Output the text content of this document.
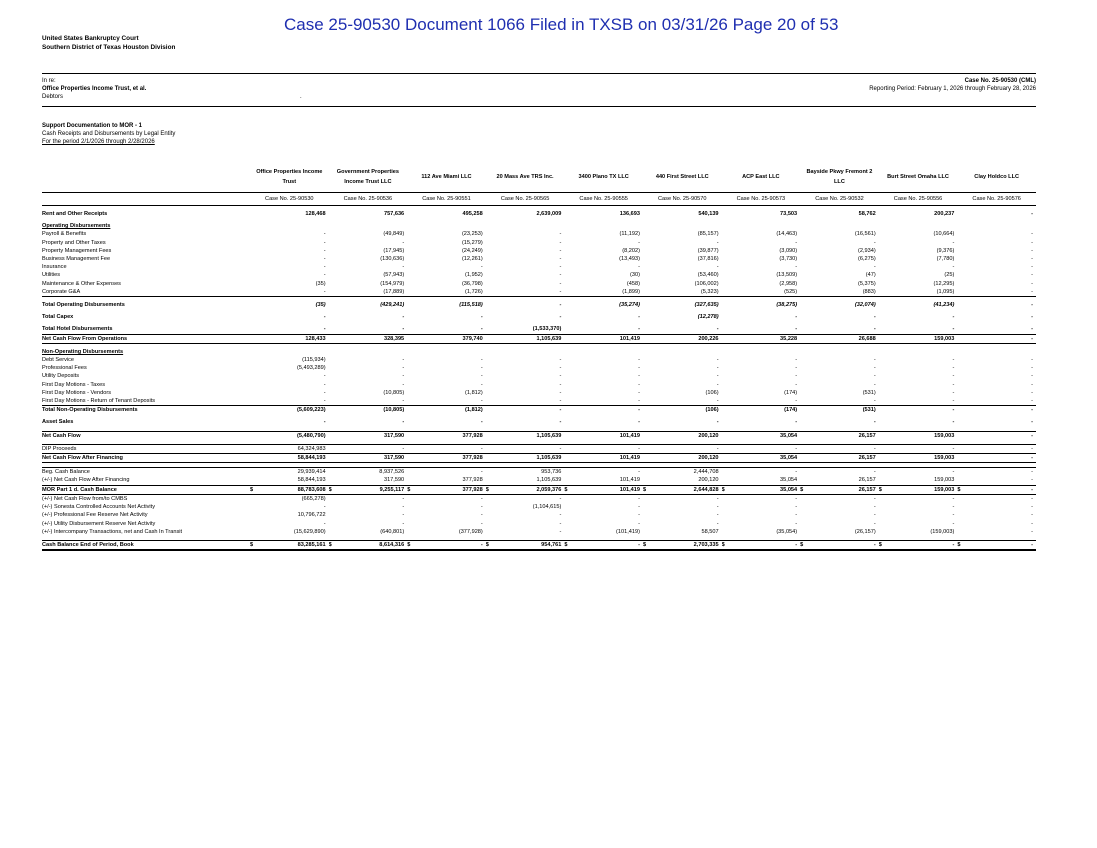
Case 25-90530 Document 1066 Filed in TXSB on 03/31/26 Page 20 of 53
United States Bankruptcy Court
Southern District of Texas Houston Division
In re:
Office Properties Income Trust, et al.
Debtors	.
Case No. 25-90530 (CML)
Reporting Period: February 1, 2026 through February 28, 2026
Support Documentation to MOR - 1
Cash Receipts and Disbursements by Legal Entity
For the period 2/1/2026 through 2/28/2026
	Office Properties Income Trust	Government Properties Income Trust LLC	112 Ave Miami LLC	20 Mass Ave TRS Inc.	3400 Plano TX LLC	440 First Street LLC	ACP East LLC	Bayside Pkwy Fremont 2 LLC	Burt Street Omaha LLC	Clay Holdco LLC
	Case No. 25-90530	Case No. 25-90536	Case No. 25-90551	Case No. 25-90565	Case No. 25-90555	Case No. 25-90570	Case No. 25-90573	Case No. 25-90532	Case No. 25-90556	Case No. 25-90576

Rent and Other Receipts	128,468	757,636	495,258	2,639,009	136,693	540,139	73,503	58,762	200,237	-

Operating Disbursements										
Payroll & Benefits	-	(49,849)	(23,253)	-	(11,192)	(85,157)	(14,463)	(16,561)	(10,664)	-
Property and Other Taxes	-	-	(15,279)	-	-	-	-	-	-	-
Property Management Fees	-	(17,945)	(24,249)	-	(8,202)	(39,877)	(3,090)	(2,934)	(9,376)	-
Business Management Fee	-	(130,636)	(12,261)	-	(13,493)	(37,816)	(3,730)	(6,275)	(7,780)	-
Insurance	-	-	-	-	-	-	-	-	-	-
Utilities	-	(57,943)	(1,952)	-	(30)	(53,460)	(13,509)	(47)	(25)	-
Maintenance & Other Expenses	(35)	(154,979)	(36,798)	-	(458)	(106,002)	(2,958)	(5,375)	(12,295)	-
Corporate G&A	-	(17,889)	(1,726)	-	(1,899)	(5,323)	(525)	(883)	(1,095)	-

Total Operating Disbursements	(35)	(429,241)	(115,518)	-	(35,274)	(327,635)	(38,275)	(32,074)	(41,234)	-

Total Capex	-	-	-	-	-	(12,278)	-	-	-	-

Total Hotel Disbursements	-	-	-	(1,533,370)	-	-	-	-	-	-
Net Cash Flow From Operations	128,433	328,395	379,740	1,105,639	101,419	200,226	35,228	26,688	159,003	-

Non-Operating Disbursements										
Debt Service	(115,934)	-	-	-	-	-	-	-	-	-
Professional Fees	(5,493,289)	-	-	-	-	-	-	-	-	-
Utility Deposits	-	-	-	-	-	-	-	-	-	-
First Day Motions - Taxes	-	-	-	-	-	-	-	-	-	-
First Day Motions - Vendors	-	(10,805)	(1,812)	-	-	(106)	(174)	(531)	-	-
First Day Motions - Return of Tenant Deposits	-	-	-	-	-	-	-	-	-	-
Total Non-Operating Disbursements	(5,609,223)	(10,805)	(1,812)	-	-	(106)	(174)	(531)	-	-

Asset Sales	-	-	-	-	-	-	-	-	-	-

Net Cash Flow	(5,480,790)	317,590	377,928	1,105,639	101,419	200,120	35,054	26,157	159,003	-

DIP Proceeds	64,324,983	-	-	-	-	-	-	-	-	-
Net Cash Flow After Financing	58,844,193	317,590	377,928	1,105,639	101,419	200,120	35,054	26,157	159,003	-

Beg. Cash Balance	29,939,414	8,937,526	-	953,736	-	2,444,708	-	-	-	-
(+/-) Net Cash Flow After Financing	58,844,193	317,590	377,928	1,105,639	101,419	200,120	35,054	26,157	159,003	-
MOR Part 1 d. Cash Balance	$ 88,783,608	$ 9,255,117	$ 377,928	$ 2,059,376	$ 101,419	$ 2,644,828	$ 35,054	$ 26,157	$ 159,003	$ -

(+/-) Net Cash Flow from/to CMBS	(665,278)	-	-	-	-	-	-	-	-	-
(+/-) Sonesta Controlled Accounts Net Activity	-	-	-	(1,104,615)	-	-	-	-	-	-
(+/-) Professional Fee Reserve Net Activity	10,796,722	-	-	-	-	-	-	-	-	-
(+/-) Utility Disbursement Reserve Net Activity	-	-	-	-	-	-	-	-	-	-
(+/-) Intercompany Transactions, net and Cash In Transit	(15,629,890)	(640,801)	(377,928)	-	(101,419)	58,507	(35,054)	(26,157)	(159,003)	-

Cash Balance End of Period, Book	$ 83,285,161	$ 8,614,316	$ -	$ 954,761	$ -	$ 2,703,335	$ -	$ -	$ -	$ -
